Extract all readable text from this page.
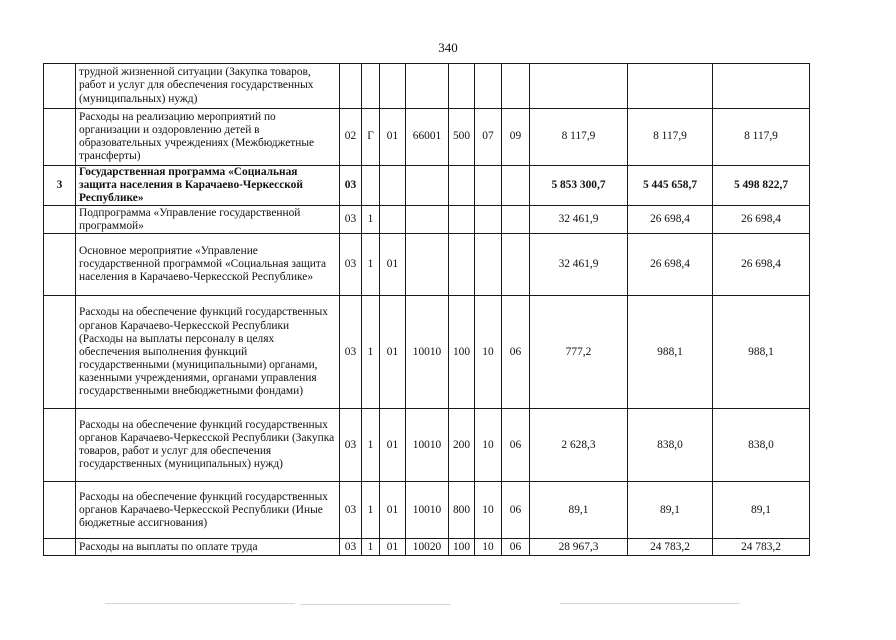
340
	трудной жизненной ситуации (Закупка товаров, работ и услуг для обеспечения государственных (муниципальных) нужд)										
	Расходы на реализацию мероприятий по организации и оздоровлению детей в образовательных учреждениях (Межбюджетные трансферты)	02	Г	01	66001	500	07	09	8 117,9	8 117,9	8 117,9
3	Государственная программа «Социальная защита населения в Карачаево-Черкесской Республике»	03							5 853 300,7	5 445 658,7	5 498 822,7
	Подпрограмма «Управление государственной программой»	03	1						32 461,9	26 698,4	26 698,4
	Основное мероприятие «Управление государственной программой «Социальная защита населения в Карачаево-Черкесской Республике»	03	1	01					32 461,9	26 698,4	26 698,4
	Расходы на обеспечение функций государственных органов Карачаево-Черкесской Республики (Расходы на выплаты персоналу в целях обеспечения выполнения функций государственными (муниципальными) органами, казенными учреждениями, органами управления государственными внебюджетными фондами)	03	1	01	10010	100	10	06	777,2	988,1	988,1
	Расходы на обеспечение функций государственных органов Карачаево-Черкесской Республики (Закупка товаров, работ и услуг для обеспечения государственных (муниципальных) нужд)	03	1	01	10010	200	10	06	2 628,3	838,0	838,0
	Расходы на обеспечение функций государственных органов Карачаево-Черкесской Республики (Иные бюджетные ассигнования)	03	1	01	10010	800	10	06	89,1	89,1	89,1
	Расходы на выплаты по оплате труда	03	1	01	10020	100	10	06	28 967,3	24 783,2	24 783,2
